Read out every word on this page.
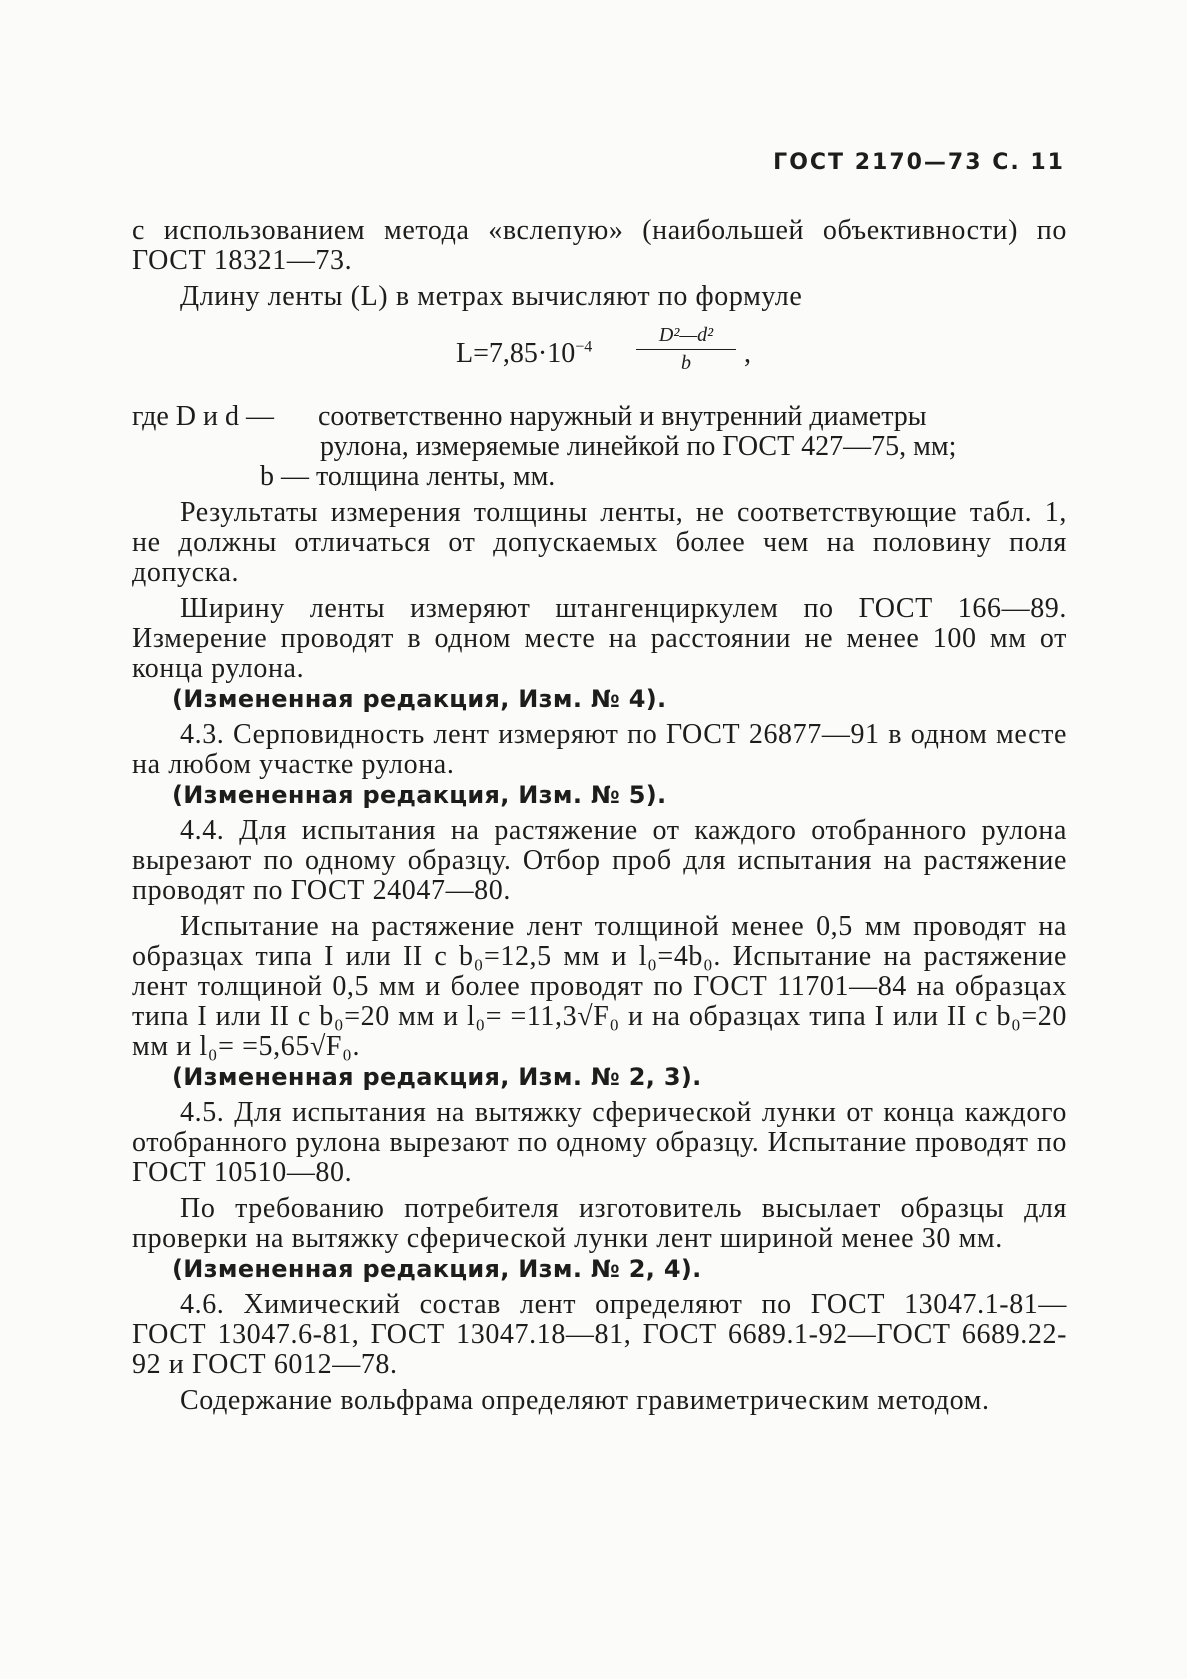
ГОСТ 2170—73 С. 11

с использованием метода «вслепую» (наибольшей объективности) по ГОСТ 18321—73.

Длину ленты (L) в метрах вычисляют по формуле

$L=7,85\cdot 10^{-4} \frac{\text{D²—d²}}{b}$ ,
где D и d — соответственно наружный и внутренний диаметры
рулона, измеряемые линейкой по ГОСТ 427—75, мм;
b — толщина ленты, мм.

Результаты измерения толщины ленты, не соответствующие табл. 1, не должны отличаться от допускаемых более чем на половину поля допуска.

Ширину ленты измеряют штангенциркулем по ГОСТ 166—89. Измерение проводят в одном месте на расстоянии не менее 100 мм от конца рулона.

(Измененная редакция, Изм. № 4).

4.3. Серповидность лент измеряют по ГОСТ 26877—91 в одном месте на любом участке рулона.

(Измененная редакция, Изм. № 5).

4.4. Для испытания на растяжение от каждого отобранного рулона вырезают по одному образцу. Отбор проб для испытания на растяжение проводят по ГОСТ 24047—80.

Испытание на растяжение лент толщиной менее 0,5 мм проводят на образцах типа I или II с b₀=12,5 мм и l₀=4b₀. Испытание на растяжение лент толщиной 0,5 мм и более проводят по ГОСТ 11701—84 на образцах типа I или II с b₀=20 мм и l₀= =11,3√F₀ и на образцах типа I или II с b₀=20 мм и l₀= =5,65√F₀.

(Измененная редакция, Изм. № 2, 3).

4.5. Для испытания на вытяжку сферической лунки от конца каждого отобранного рулона вырезают по одному образцу. Испытание проводят по ГОСТ 10510—80.

По требованию потребителя изготовитель высылает образцы для проверки на вытяжку сферической лунки лент шириной менее 30 мм.

(Измененная редакция, Изм. № 2, 4).

4.6. Химический состав лент определяют по ГОСТ 13047.1-81— ГОСТ 13047.6-81, ГОСТ 13047.18—81, ГОСТ 6689.1-92—ГОСТ 6689.22-92 и ГОСТ 6012—78.

Содержание вольфрама определяют гравиметрическим методом.
